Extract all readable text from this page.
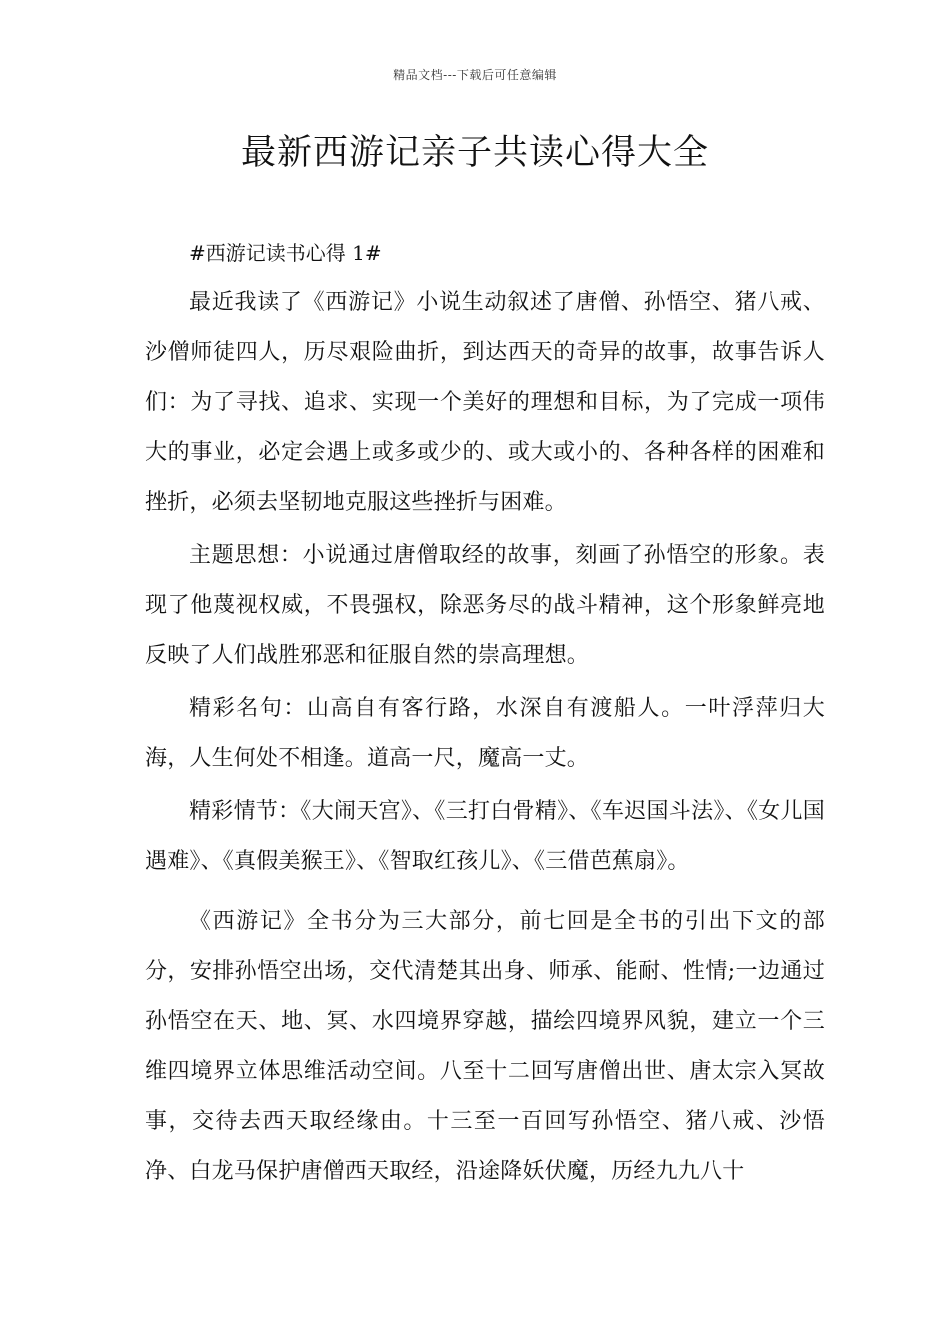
精品文档---下载后可任意编辑
最新西游记亲子共读心得大全

#西游记读书心得 1#

最近我读了《西游记》小说生动叙述了唐僧、孙悟空、猪八戒、沙僧师徒四人，历尽艰险曲折，到达西天的奇异的故事，故事告诉人们：为了寻找、追求、实现一个美好的理想和目标，为了完成一项伟大的事业，必定会遇上或多或少的、或大或小的、各种各样的困难和挫折，必须去坚韧地克服这些挫折与困难。

主题思想：小说通过唐僧取经的故事，刻画了孙悟空的形象。表现了他蔑视权威，不畏强权，除恶务尽的战斗精神，这个形象鲜亮地反映了人们战胜邪恶和征服自然的崇高理想。

精彩名句：山高自有客行路，水深自有渡船人。一叶浮萍归大海，人生何处不相逢。道高一尺，魔高一丈。

精彩情节：《大闹天宫》、《三打白骨精》、《车迟国斗法》、《女儿国遇难》、《真假美猴王》、《智取红孩儿》、《三借芭蕉扇》。

《西游记》全书分为三大部分，前七回是全书的引出下文的部分，安排孙悟空出场，交代清楚其出身、师承、能耐、性情;一边通过孙悟空在天、地、冥、水四境界穿越，描绘四境界风貌，建立一个三维四境界立体思维活动空间。八至十二回写唐僧出世、唐太宗入冥故事，交待去西天取经缘由。十三至一百回写孙悟空、猪八戒、沙悟净、白龙马保护唐僧西天取经，沿途降妖伏魔，历经九九八十
